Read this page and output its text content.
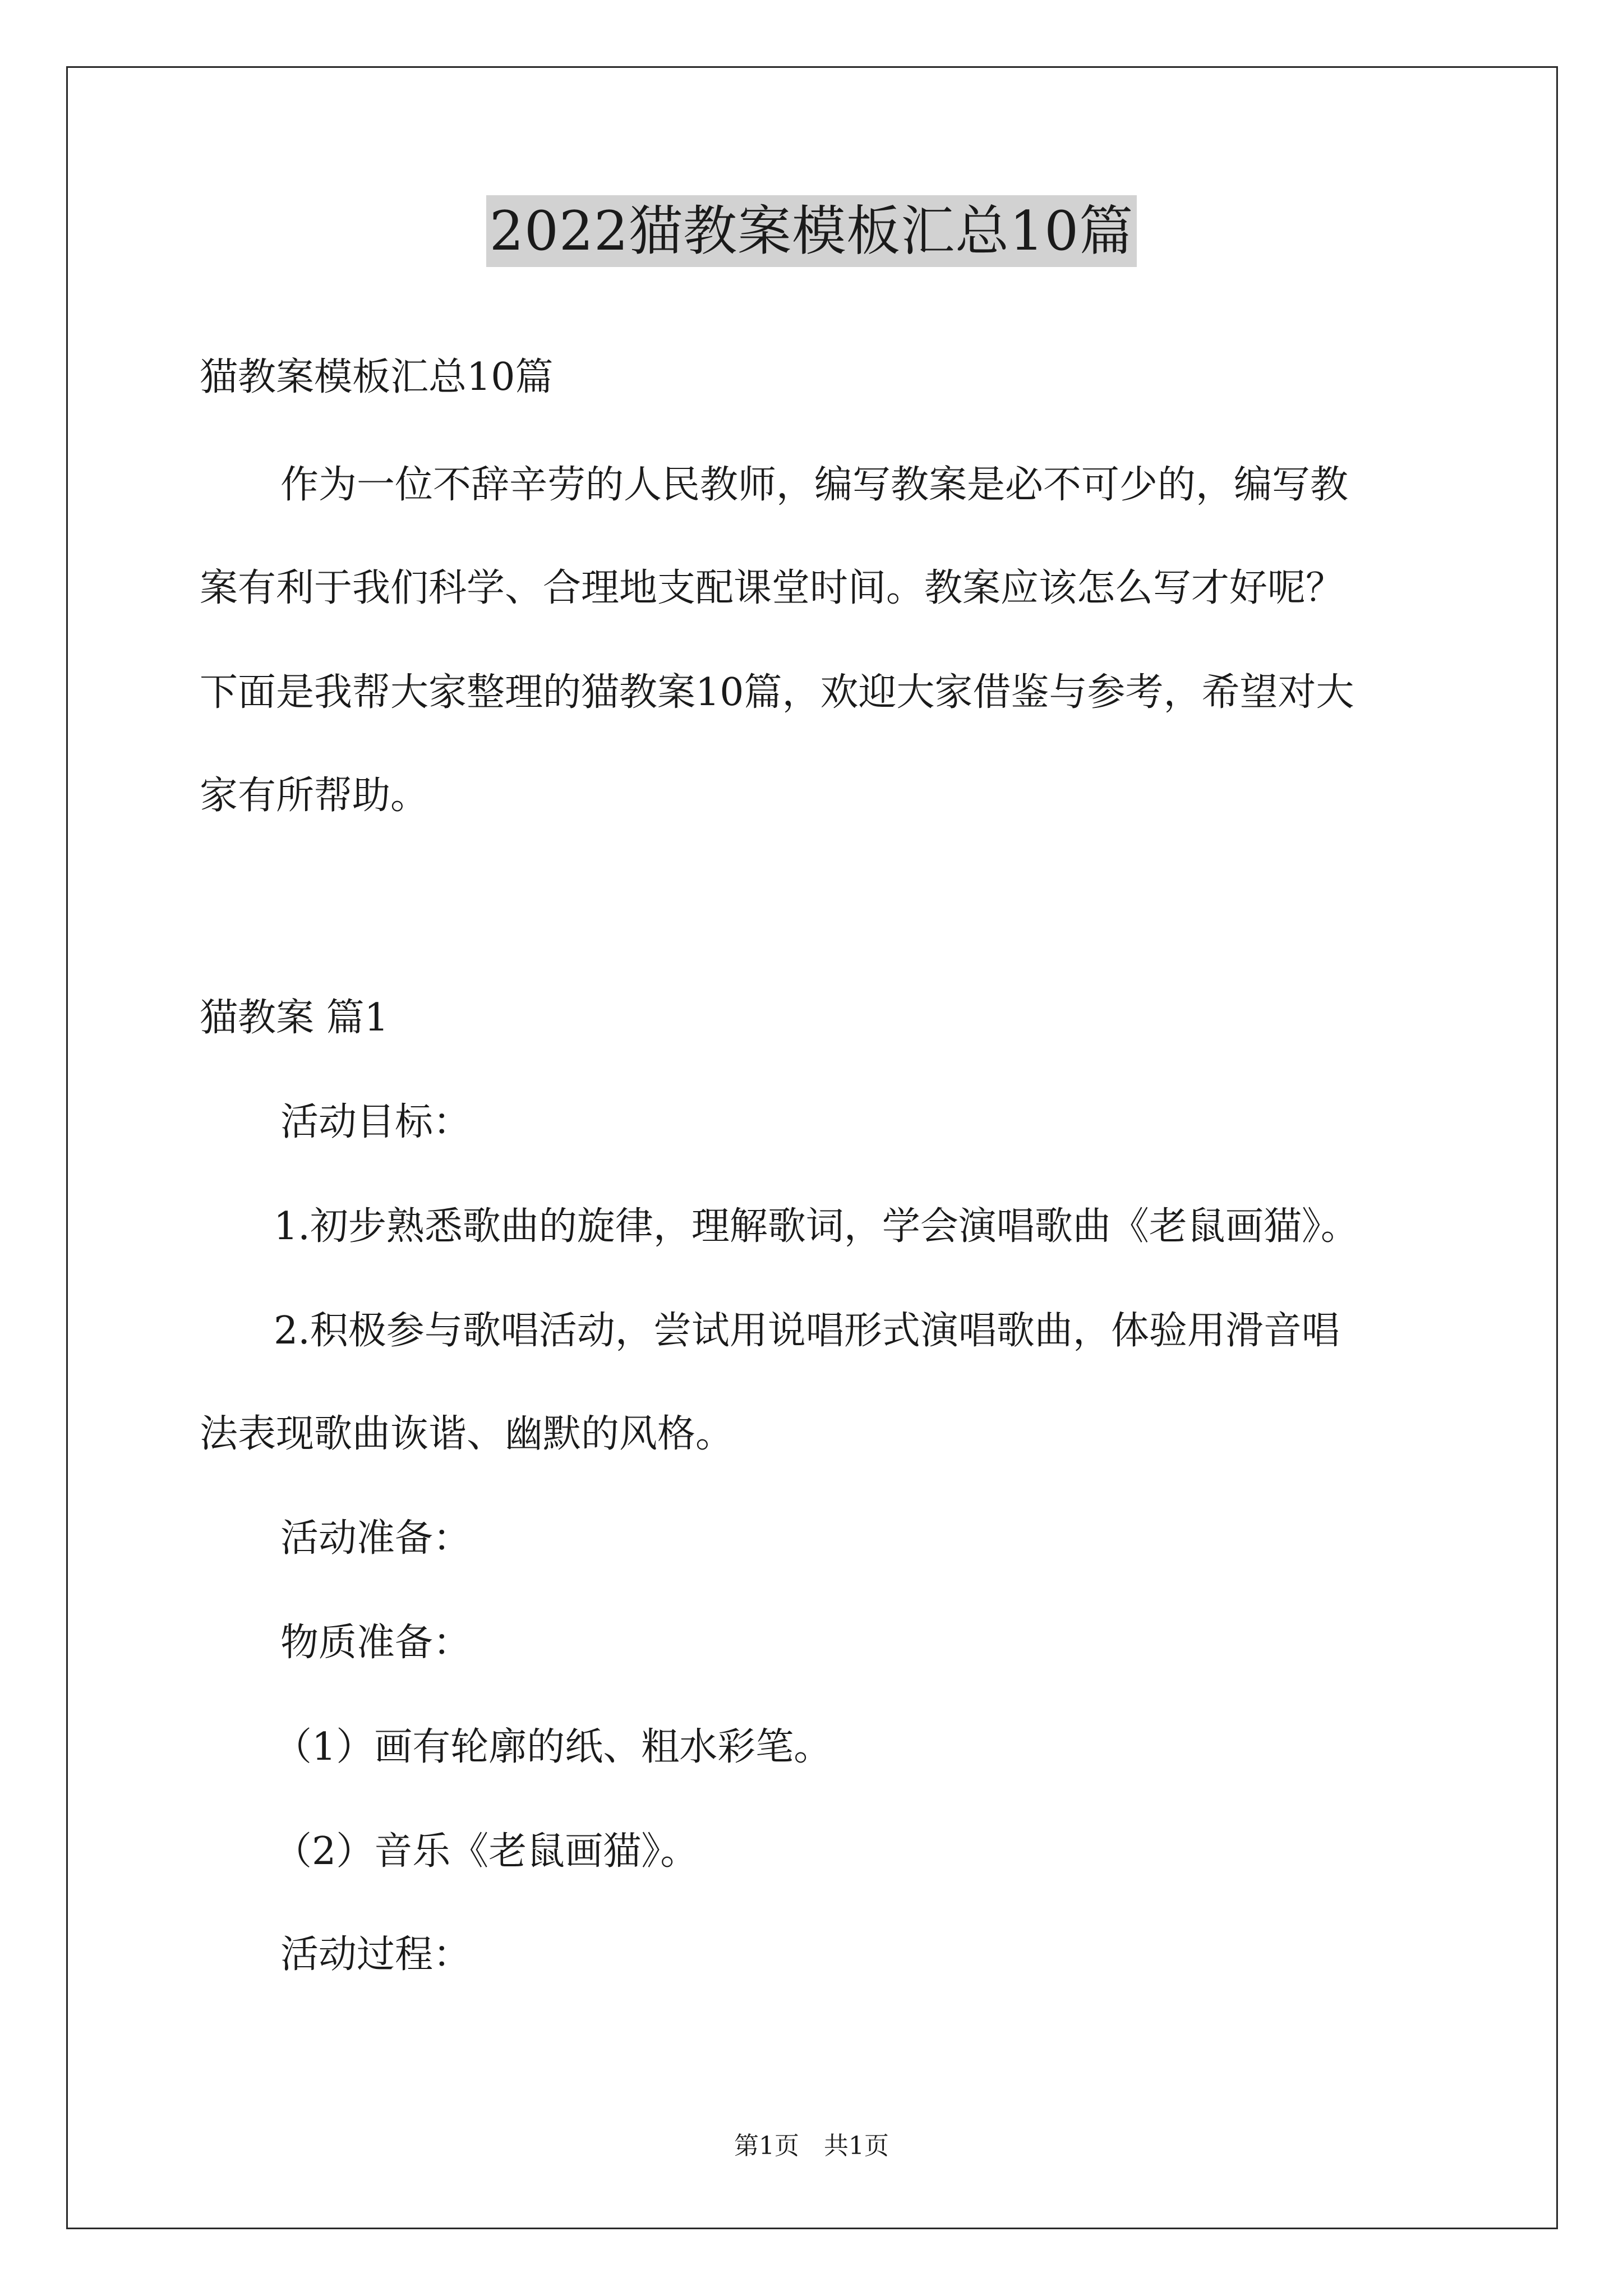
2022猫教案模板汇总10篇

猫教案模板汇总10篇

作为一位不辞辛劳的人民教师，编写教案是必不可少的，编写教

案有利于我们科学、合理地支配课堂时间。教案应该怎么写才好呢？

下面是我帮大家整理的猫教案10篇，欢迎大家借鉴与参考，希望对大

家有所帮助。

猫教案 篇1

活动目标：

1.初步熟悉歌曲的旋律，理解歌词，学会演唱歌曲《老鼠画猫》。

2.积极参与歌唱活动，尝试用说唱形式演唱歌曲，体验用滑音唱

法表现歌曲诙谐、幽默的风格。

活动准备：

物质准备：

（1）画有轮廓的纸、粗水彩笔。

（2）音乐《老鼠画猫》。

活动过程：

第1页　共1页
